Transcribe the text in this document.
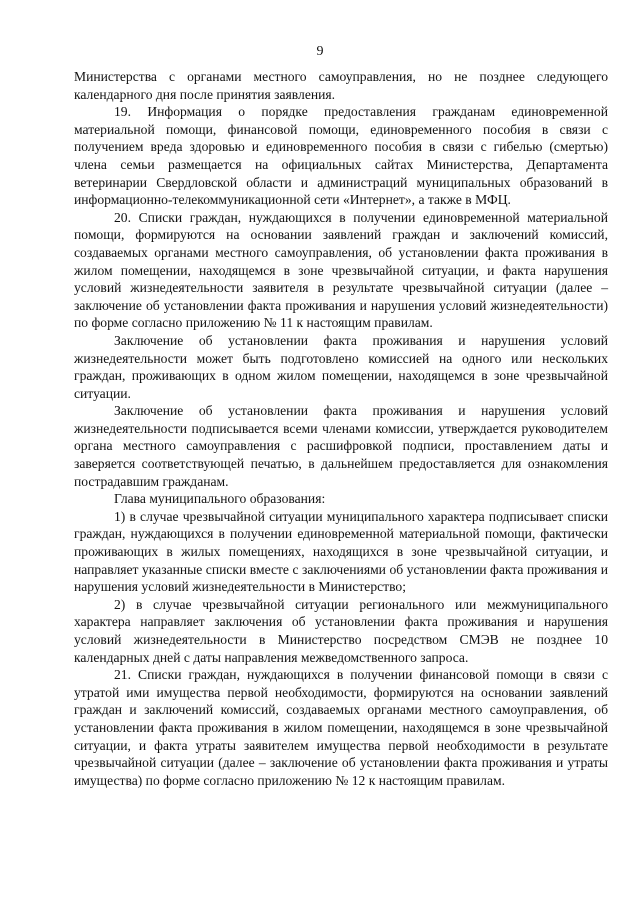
9

Министерства с органами местного самоуправления, но не позднее следующего календарного дня после принятия заявления.

19. Информация о порядке предоставления гражданам единовременной материальной помощи, финансовой помощи, единовременного пособия в связи с получением вреда здоровью и единовременного пособия в связи с гибелью (смертью) члена семьи размещается на официальных сайтах Министерства, Департамента ветеринарии Свердловской области и администраций муниципальных образований в информационно-телекоммуникационной сети «Интернет», а также в МФЦ.

20. Списки граждан, нуждающихся в получении единовременной материальной помощи, формируются на основании заявлений граждан и заключений комиссий, создаваемых органами местного самоуправления, об установлении факта проживания в жилом помещении, находящемся в зоне чрезвычайной ситуации, и факта нарушения условий жизнедеятельности заявителя в результате чрезвычайной ситуации (далее – заключение об установлении факта проживания и нарушения условий жизнедеятельности) по форме согласно приложению № 11 к настоящим правилам.

Заключение об установлении факта проживания и нарушения условий жизнедеятельности может быть подготовлено комиссией на одного или нескольких граждан, проживающих в одном жилом помещении, находящемся в зоне чрезвычайной ситуации.

Заключение об установлении факта проживания и нарушения условий жизнедеятельности подписывается всеми членами комиссии, утверждается руководителем органа местного самоуправления с расшифровкой подписи, проставлением даты и заверяется соответствующей печатью, в дальнейшем предоставляется для ознакомления пострадавшим гражданам.

Глава муниципального образования:

1) в случае чрезвычайной ситуации муниципального характера подписывает списки граждан, нуждающихся в получении единовременной материальной помощи, фактически проживающих в жилых помещениях, находящихся в зоне чрезвычайной ситуации, и направляет указанные списки вместе с заключениями об установлении факта проживания и нарушения условий жизнедеятельности в Министерство;

2) в случае чрезвычайной ситуации регионального или межмуниципального характера направляет заключения об установлении факта проживания и нарушения условий жизнедеятельности в Министерство посредством СМЭВ не позднее 10 календарных дней с даты направления межведомственного запроса.

21. Списки граждан, нуждающихся в получении финансовой помощи в связи с утратой ими имущества первой необходимости, формируются на основании заявлений граждан и заключений комиссий, создаваемых органами местного самоуправления, об установлении факта проживания в жилом помещении, находящемся в зоне чрезвычайной ситуации, и факта утраты заявителем имущества первой необходимости в результате чрезвычайной ситуации (далее – заключение об установлении факта проживания и утраты имущества) по форме согласно приложению № 12 к настоящим правилам.
